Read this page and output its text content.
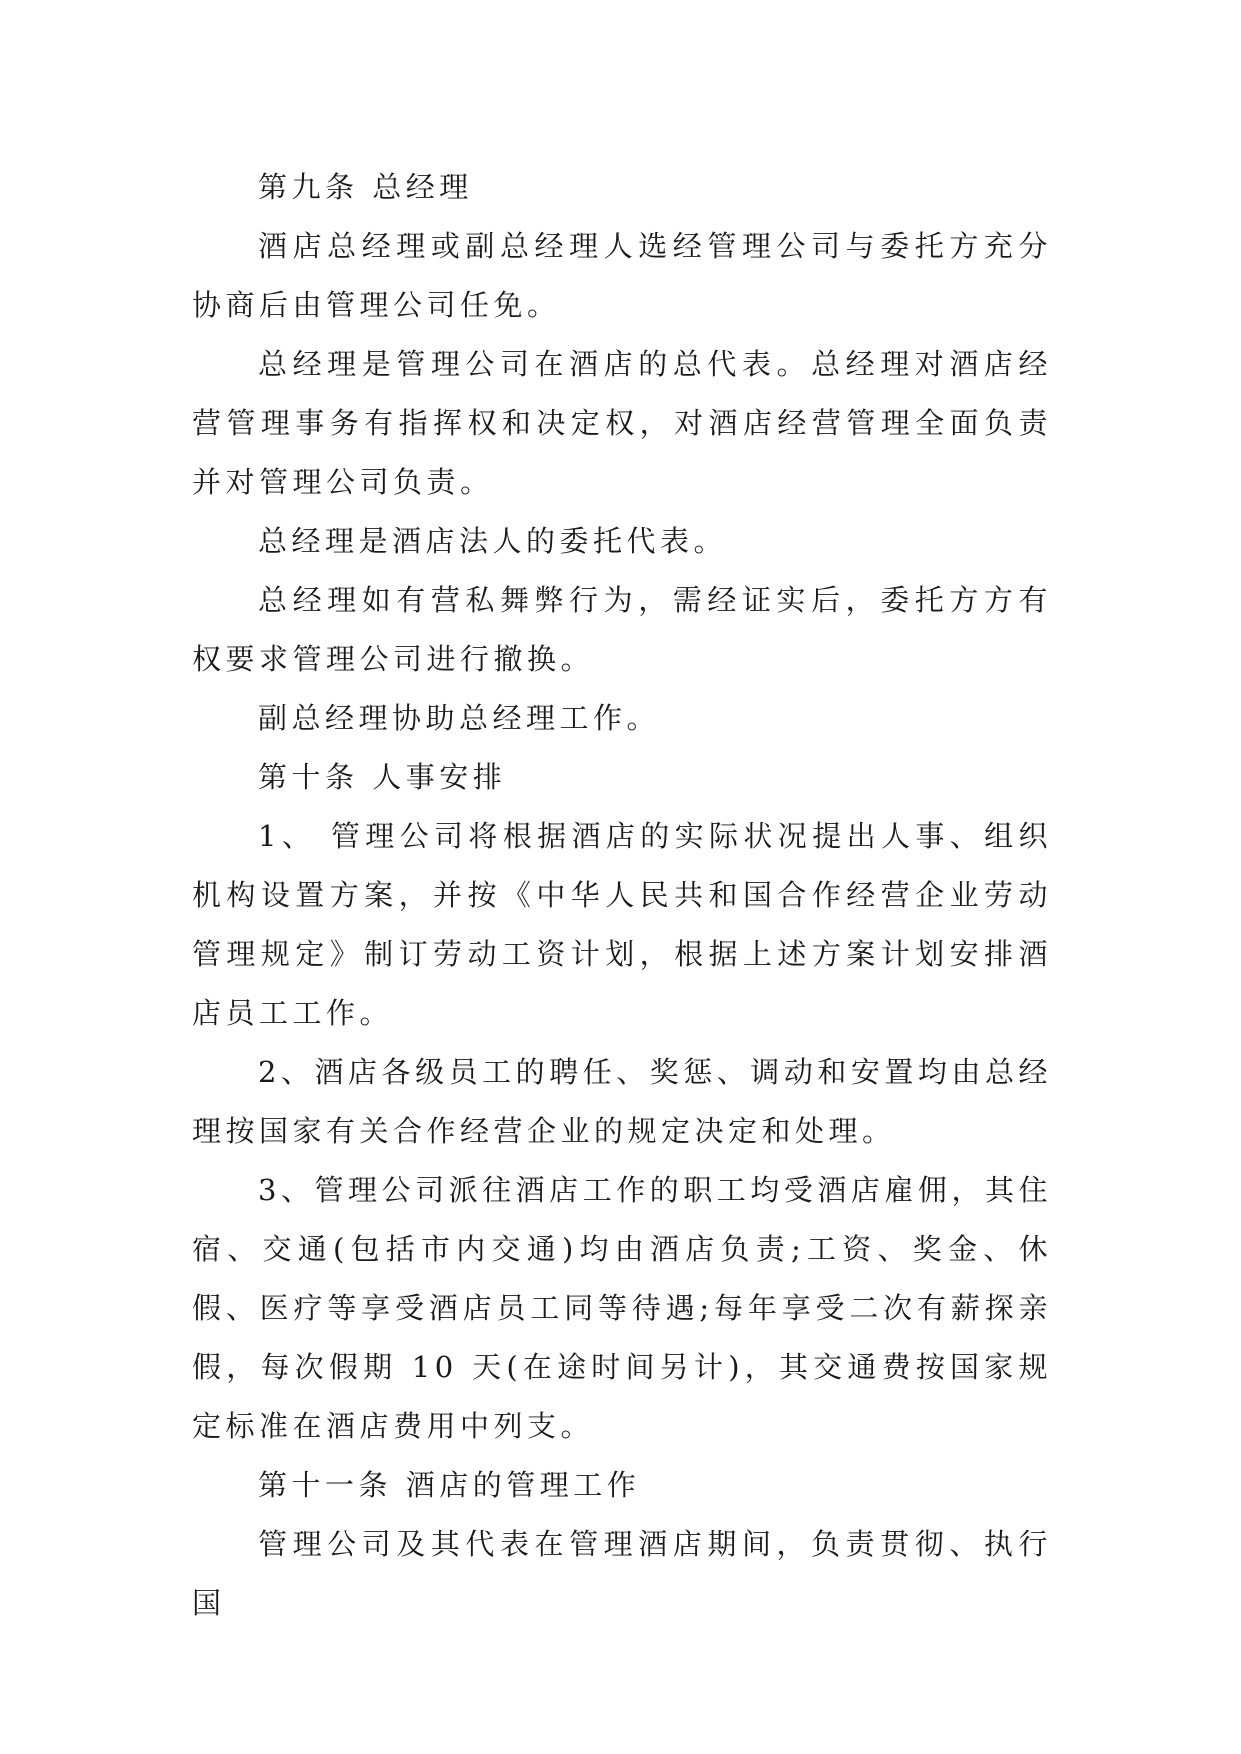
第九条 总经理

酒店总经理或副总经理人选经管理公司与委托方充分协商后由管理公司任免。

总经理是管理公司在酒店的总代表。总经理对酒店经营管理事务有指挥权和决定权，对酒店经营管理全面负责并对管理公司负责。

总经理是酒店法人的委托代表。

总经理如有营私舞弊行为，需经证实后，委托方方有权要求管理公司进行撤换。

副总经理协助总经理工作。

第十条 人事安排

1、 管理公司将根据酒店的实际状况提出人事、组织机构设置方案，并按《中华人民共和国合作经营企业劳动管理规定》制订劳动工资计划，根据上述方案计划安排酒店员工工作。

2、酒店各级员工的聘任、奖惩、调动和安置均由总经理按国家有关合作经营企业的规定决定和处理。

3、管理公司派往酒店工作的职工均受酒店雇佣，其住宿、交通(包括市内交通)均由酒店负责;工资、奖金、休假、医疗等享受酒店员工同等待遇;每年享受二次有薪探亲假，每次假期 10 天(在途时间另计)，其交通费按国家规定标准在酒店费用中列支。

第十一条 酒店的管理工作

管理公司及其代表在管理酒店期间，负责贯彻、执行国
